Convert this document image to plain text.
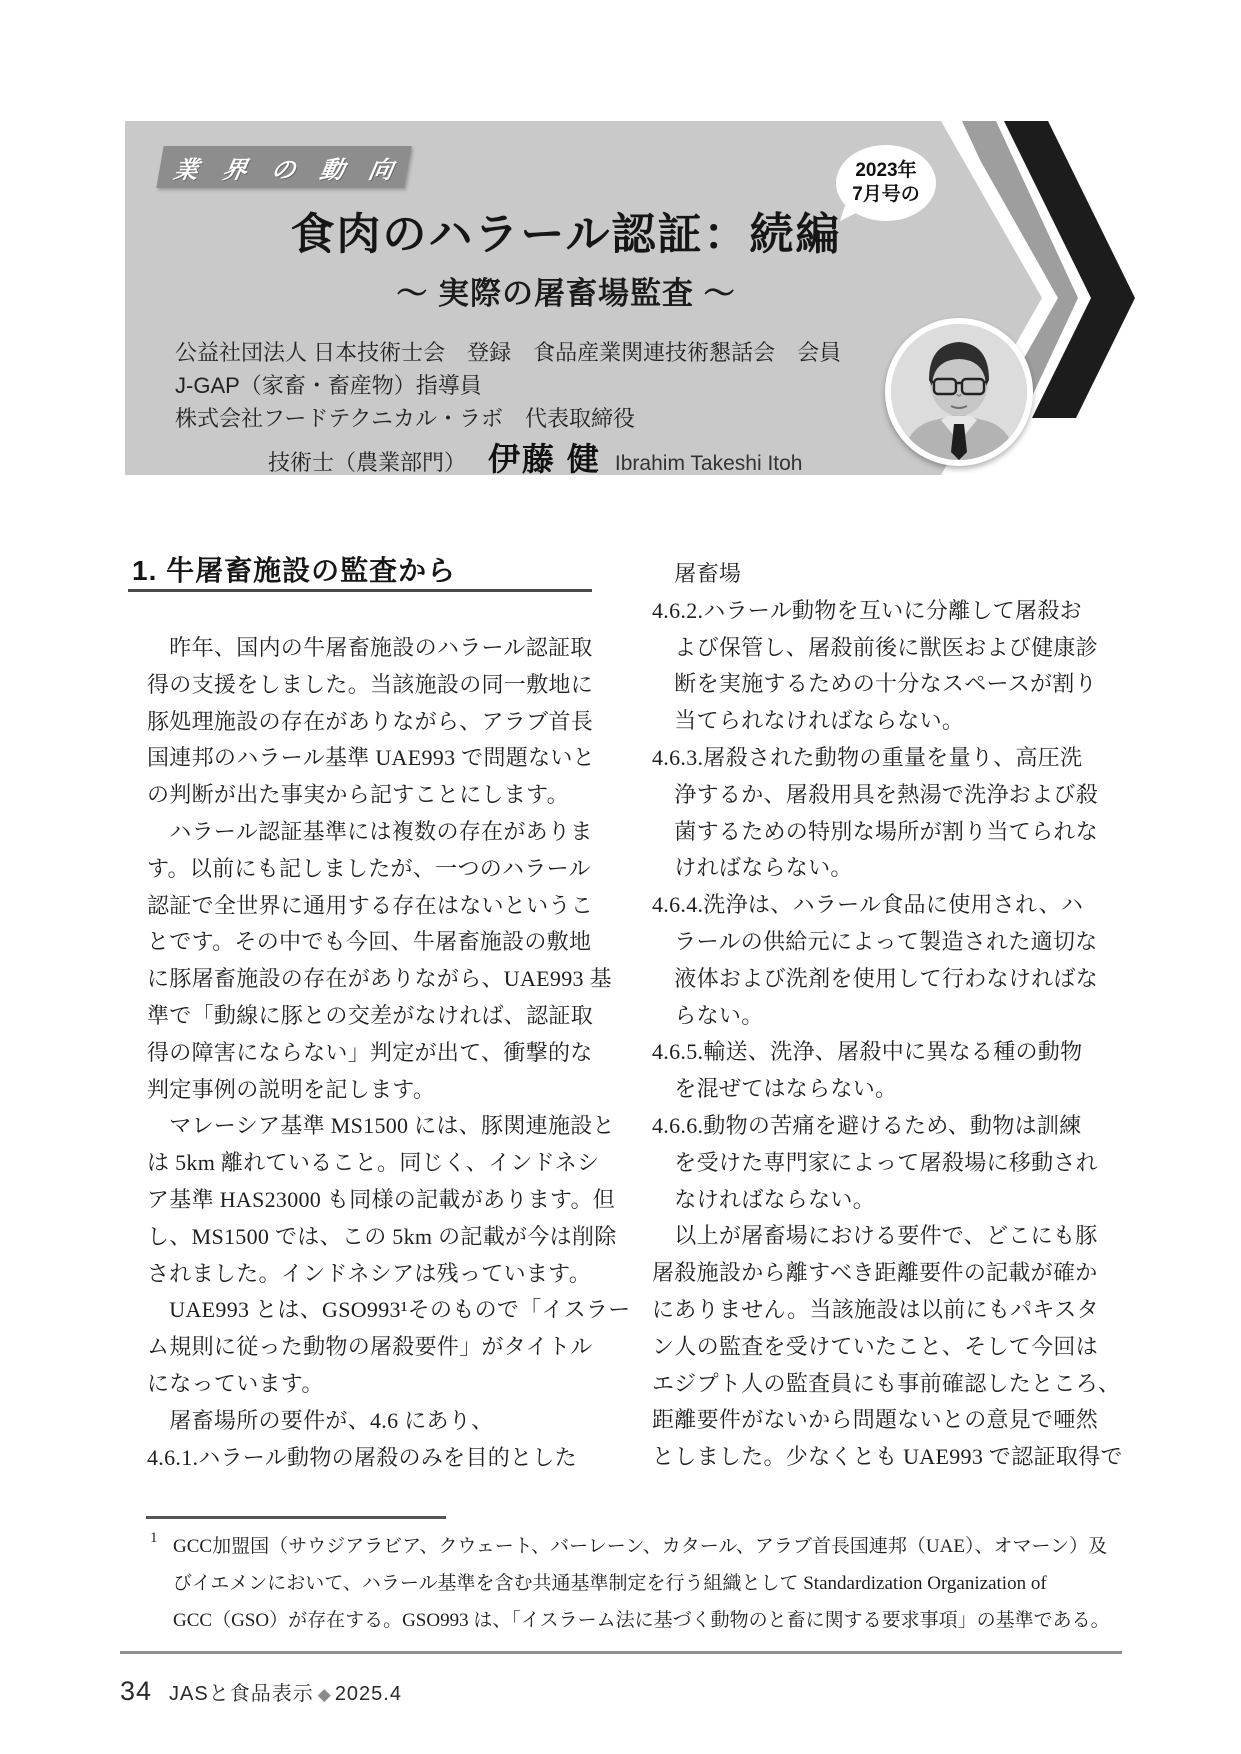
業 界 の 動 向	2023年
7月号の
食肉のハラール認証：続編
～ 実際の屠畜場監査 ～
公益社団法人 日本技術士会　登録　食品産業関連技術懇話会　会員
J-GAP（家畜・畜産物）指導員
株式会社フードテクニカル・ラボ　代表取締役
技術士（農業部門） 伊藤 健 Ibrahim Takeshi Itoh
1. 牛屠畜施設の監査から
　昨年、国内の牛屠畜施設のハラール認証取
得の支援をしました。当該施設の同一敷地に
豚処理施設の存在がありながら、アラブ首長
国連邦のハラール基準 UAE993 で問題ないと
の判断が出た事実から記すことにします。
　ハラール認証基準には複数の存在がありま
す。以前にも記しましたが、一つのハラール
認証で全世界に通用する存在はないというこ
とです。その中でも今回、牛屠畜施設の敷地
に豚屠畜施設の存在がありながら、UAE993 基
準で「動線に豚との交差がなければ、認証取
得の障害にならない」判定が出て、衝撃的な
判定事例の説明を記します。
　マレーシア基準 MS1500 には、豚関連施設と
は 5km 離れていること。同じく、インドネシ
ア基準 HAS23000 も同様の記載があります。但
し、MS1500 では、この 5km の記載が今は削除
されました。インドネシアは残っています。
　UAE993 とは、GSO993¹そのもので「イスラー
ム規則に従った動物の屠殺要件」がタイトル
になっています。
　屠畜場所の要件が、4.6 にあり、
4.6.1.ハラール動物の屠殺のみを目的とした
　屠畜場
4.6.2.ハラール動物を互いに分離して屠殺お
　よび保管し、屠殺前後に獣医および健康診
　断を実施するための十分なスペースが割り
　当てられなければならない。
4.6.3.屠殺された動物の重量を量り、高圧洗
　浄するか、屠殺用具を熱湯で洗浄および殺
　菌するための特別な場所が割り当てられな
　ければならない。
4.6.4.洗浄は、ハラール食品に使用され、ハ
　ラールの供給元によって製造された適切な
　液体および洗剤を使用して行わなければな
　らない。
4.6.5.輸送、洗浄、屠殺中に異なる種の動物
　を混ぜてはならない。
4.6.6.動物の苦痛を避けるため、動物は訓練
　を受けた専門家によって屠殺場に移動され
　なければならない。
　以上が屠畜場における要件で、どこにも豚
屠殺施設から離すべき距離要件の記載が確か
にありません。当該施設は以前にもパキスタ
ン人の監査を受けていたこと、そして今回は
エジプト人の監査員にも事前確認したところ、
距離要件がないから問題ないとの意見で唖然
としました。少なくとも UAE993 で認証取得で
1 GCC加盟国（サウジアラビア、クウェート、バーレーン、カタール、アラブ首長国連邦（UAE）、オマーン）及
びイエメンにおいて、ハラール基準を含む共通基準制定を行う組織として Standardization Organization of
GCC（GSO）が存在する。GSO993 は、「イスラーム法に基づく動物のと畜に関する要求事項」の基準である。
34 JASと食品表示 ◆ 2025.4
